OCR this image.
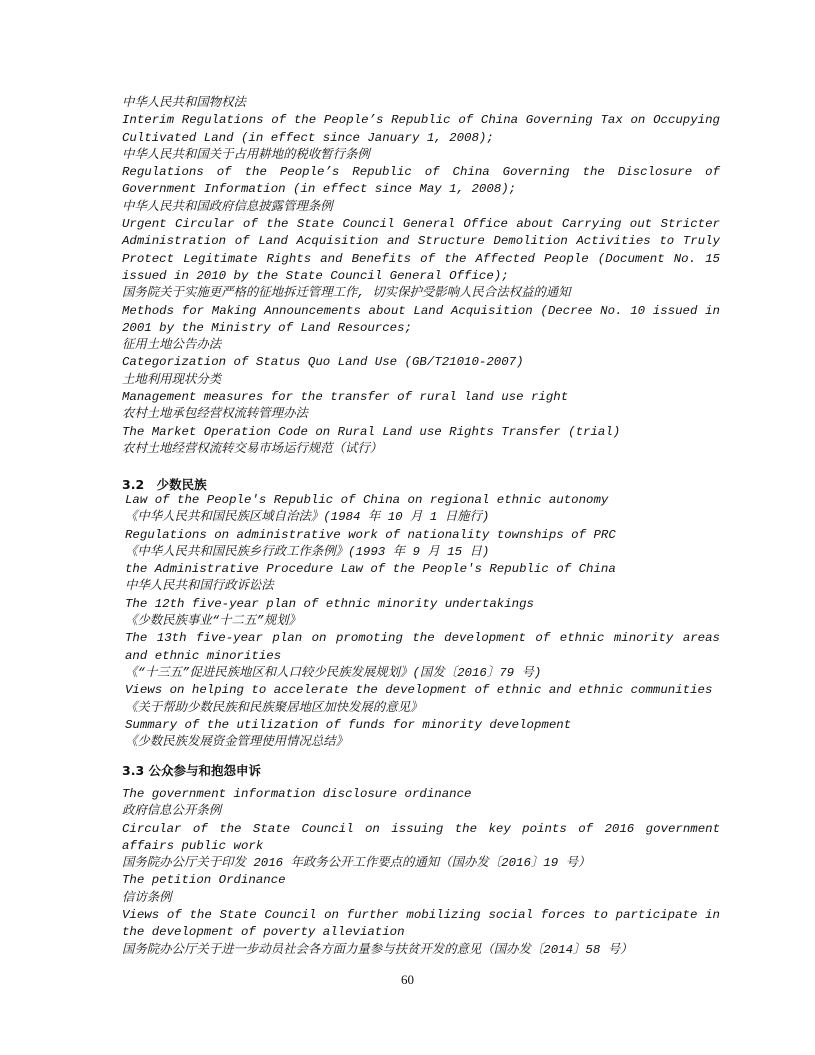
中华人民共和国物权法

Interim Regulations of the People’s Republic of China Governing Tax on Occupying Cultivated Land (in effect since January 1, 2008);

中华人民共和国关于占用耕地的税收暂行条例

Regulations of the People’s Republic of China Governing the Disclosure of Government Information (in effect since May 1, 2008);

中华人民共和国政府信息披露管理条例

Urgent Circular of the State Council General Office about Carrying out Stricter Administration of Land Acquisition and Structure Demolition Activities to Truly Protect Legitimate Rights and Benefits of the Affected People (Document No. 15 issued in 2010 by the State Council General Office);

国务院关于实施更严格的征地拆迁管理工作, 切实保护受影响人民合法权益的通知

Methods for Making Announcements about Land Acquisition (Decree No. 10 issued in 2001 by the Ministry of Land Resources;

征用土地公告办法

Categorization of Status Quo Land Use (GB/T21010-2007)

土地利用现状分类

Management measures for the transfer of rural land use right

农村土地承包经营权流转管理办法

The Market Operation Code on Rural Land use Rights Transfer (trial)

农村土地经营权流转交易市场运行规范（试行）

3.2　少数民族

Law of the People's Republic of China on regional ethnic autonomy

《中华人民共和国民族区域自治法》(1984 年 10 月 1 日施行)

Regulations on administrative work of nationality townships of PRC

《中华人民共和国民族乡行政工作条例》(1993 年 9 月 15 日)

the Administrative Procedure Law of the People's Republic of China

中华人民共和国行政诉讼法

The 12th five-year plan of ethnic minority undertakings

《少数民族事业“十二五”规划》

The 13th five-year plan on promoting the development of ethnic minority areas and ethnic minorities

《“十三五”促进民族地区和人口较少民族发展规划》(国发〔2016〕79 号)

Views on helping to accelerate the development of ethnic and ethnic communities

《关于帮助少数民族和民族聚居地区加快发展的意见》

Summary of the utilization of funds for minority development

《少数民族发展资金管理使用情况总结》

3.3 公众参与和抱怨申诉

The government information disclosure ordinance

政府信息公开条例

Circular of the State Council on issuing the key points of 2016 government affairs public work

国务院办公厅关于印发 2016 年政务公开工作要点的通知（国办发〔2016〕19 号）

The petition Ordinance

信访条例

Views of the State Council on further mobilizing social forces to participate in the development of poverty alleviation

国务院办公厅关于进一步动员社会各方面力量参与扶贫开发的意见（国办发〔2014〕58 号）

60
